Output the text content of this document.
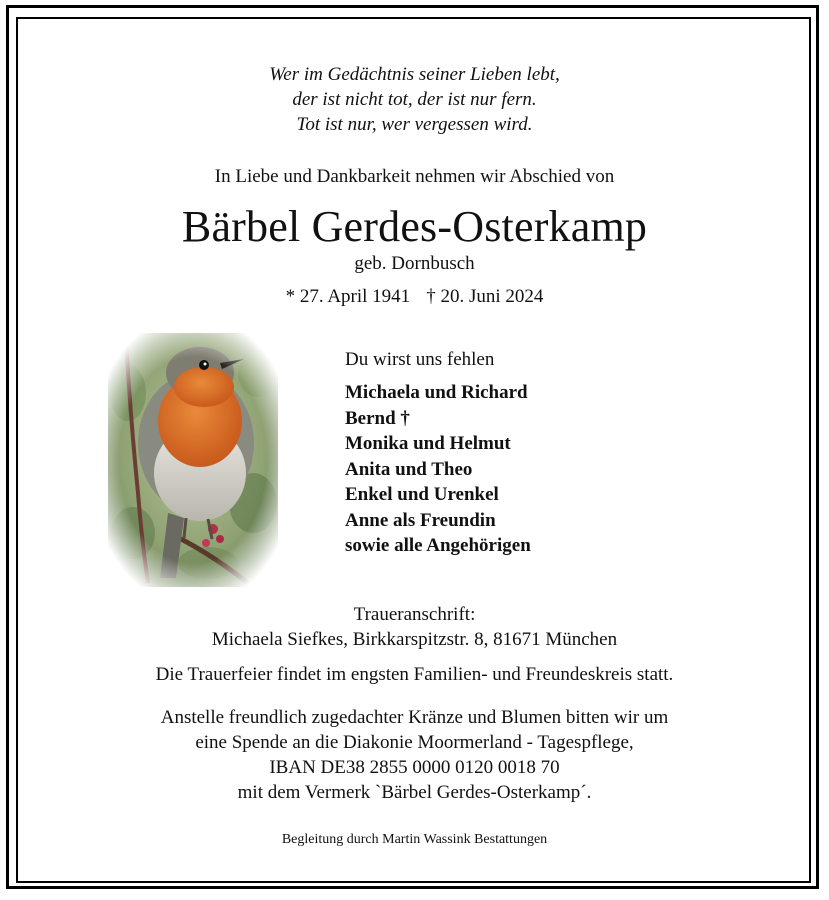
Wer im Gedächtnis seiner Lieben lebt,
der ist nicht tot, der ist nur fern.
Tot ist nur, wer vergessen wird.
In Liebe und Dankbarkeit nehmen wir Abschied von
Bärbel Gerdes-Osterkamp
geb. Dornbusch
* 27. April 1941 † 20. Juni 2024
Du wirst uns fehlen
Michaela und Richard
Bernd †
Monika und Helmut
Anita und Theo
Enkel und Urenkel
Anne als Freundin
sowie alle Angehörigen
Traueranschrift:
Michaela Siefkes, Birkkarspitzstr. 8, 81671 München
Die Trauerfeier findet im engsten Familien- und Freundeskreis statt.
Anstelle freundlich zugedachter Kränze und Blumen bitten wir um
eine Spende an die Diakonie Moormerland - Tagespflege,
IBAN DE38 2855 0000 0120 0018 70
mit dem Vermerk `Bärbel Gerdes-Osterkamp´.
Begleitung durch Martin Wassink Bestattungen
